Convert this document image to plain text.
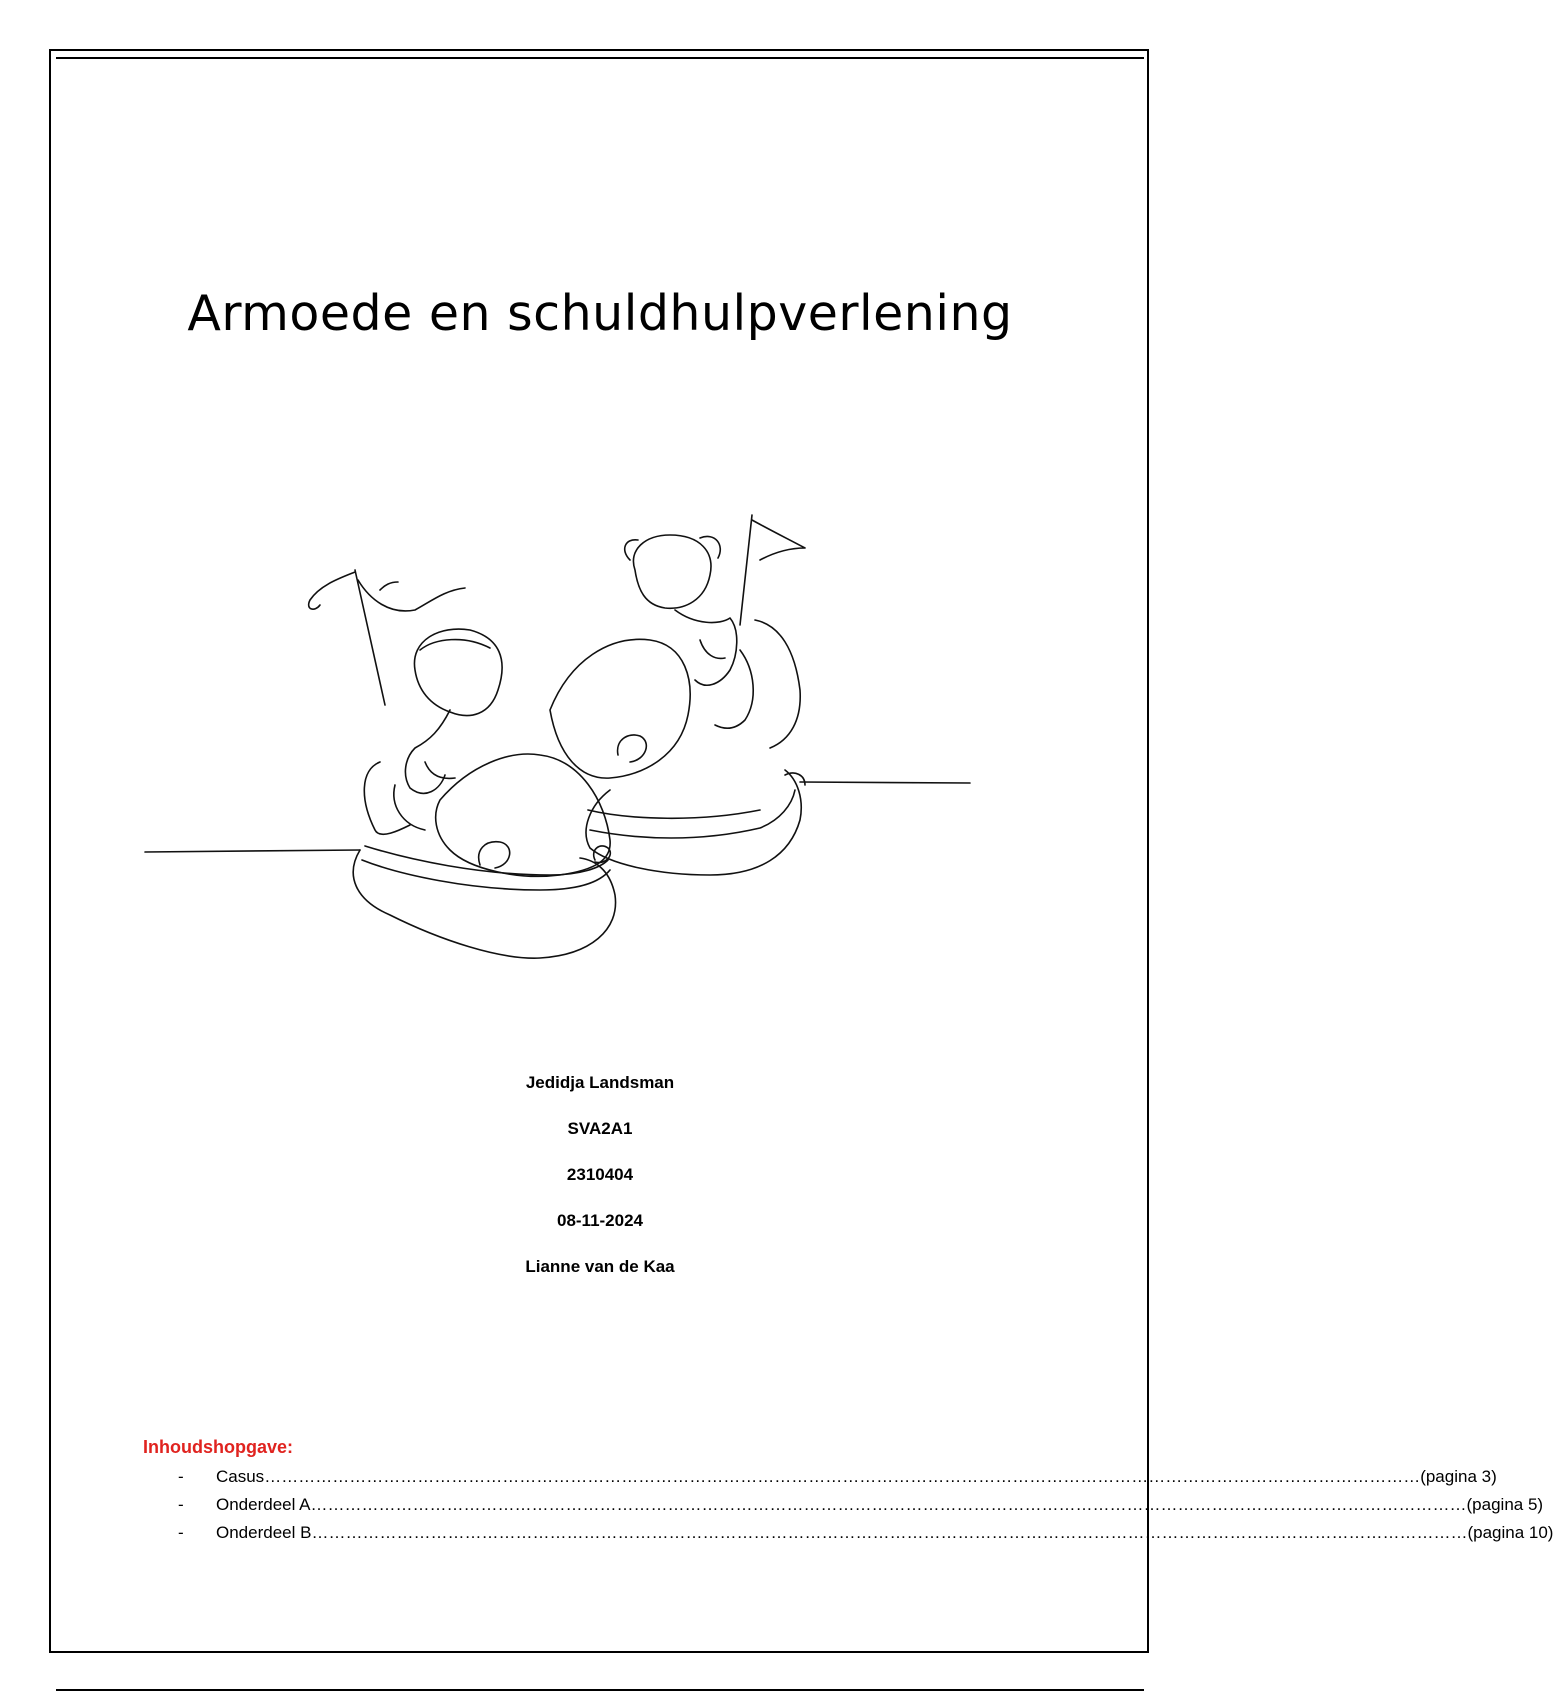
Armoede en schuldhulpverlening
Jedidja Landsman
SVA2A1
2310404
08-11-2024
Lianne van de Kaa
Inhoudshopgave:
-	Casus …………………………………………………………………………………………………………………………………………………………………………………… (pagina 3)
-	Onderdeel A …………………………………………………………………………………………………………………………………………………………………………………… (pagina 5)
-	Onderdeel B …………………………………………………………………………………………………………………………………………………………………………………… (pagina 10)
